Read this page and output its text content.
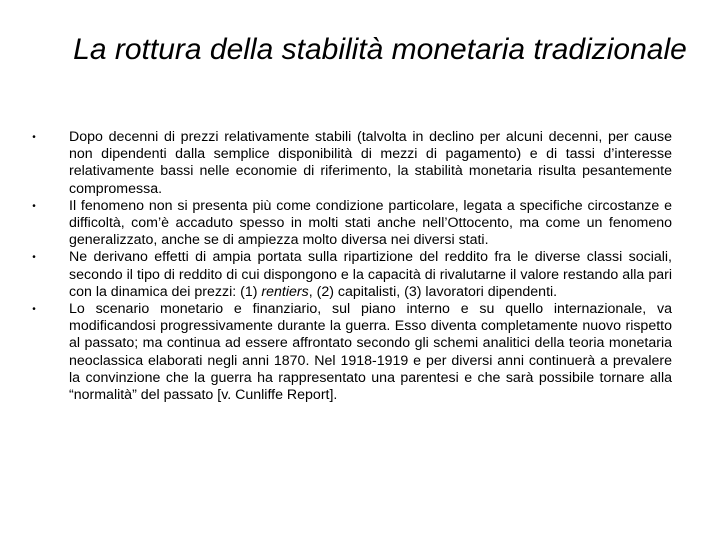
La rottura della stabilità monetaria tradizionale
• Dopo decenni di prezzi relativamente stabili (talvolta in declino per alcuni decenni, per cause non dipendenti dalla semplice disponibilità di mezzi di pagamento) e di tassi d’interesse relativamente bassi nelle economie di riferimento, la stabilità monetaria risulta pesantemente compromessa.
• Il fenomeno non si presenta più come condizione particolare, legata a specifiche circostanze e difficoltà, com’è accaduto spesso in molti stati anche nell’Ottocento, ma come un fenomeno generalizzato, anche se di ampiezza molto diversa nei diversi stati.
• Ne derivano effetti di ampia portata sulla ripartizione del reddito fra le diverse classi sociali, secondo il tipo di reddito di cui dispongono e la capacità di rivalutarne il valore restando alla pari con la dinamica dei prezzi: (1) rentiers, (2) capitalisti, (3) lavoratori dipendenti.
• Lo scenario monetario e finanziario, sul piano interno e su quello internazionale, va modificandosi progressivamente durante la guerra. Esso diventa completamente nuovo rispetto al passato; ma continua ad essere affrontato secondo gli schemi analitici della teoria monetaria neoclassica elaborati negli anni 1870. Nel 1918-1919 e per diversi anni continuerà a prevalere la convinzione che la guerra ha rappresentato una parentesi e che sarà possibile tornare alla “normalità” del passato [v. Cunliffe Report].
